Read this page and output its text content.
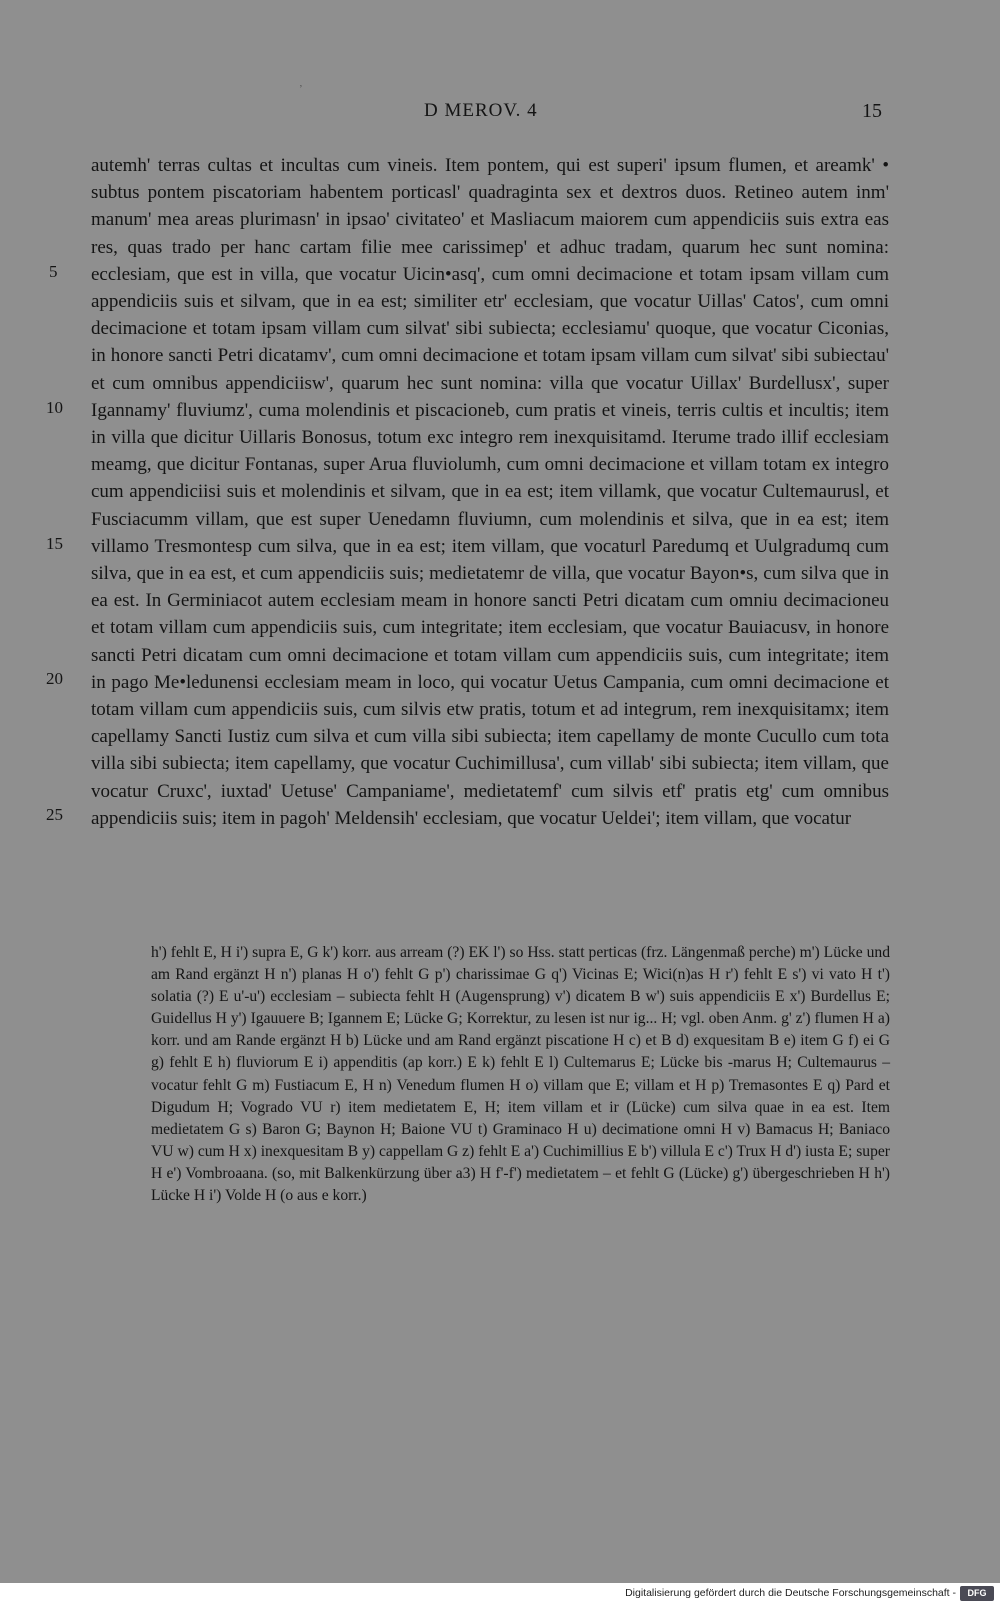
‚
D MEROV. 4	15
5
10
15
20
25

autemh' terras cultas et incultas cum vineis. Item pontem, qui est superi' ipsum flumen, et areamk' • subtus pontem piscatoriam habentem porticasl' quadraginta sex et dextros duos. Retineo autem inm' manum' mea areas plurimasn' in ipsao' civitateo' et Masliacum maiorem cum appendiciis suis extra eas res, quas trado per hanc cartam filie mee carissimep' et adhuc tradam, quarum hec sunt nomina: ecclesiam, que est in villa, que vocatur Uicin•asq', cum omni decimacione et totam ipsam villam cum appendiciis suis et silvam, que in ea est; similiter etr' ecclesiam, que vocatur Uillas' Catos', cum omni decimacione et totam ipsam villam cum silvat' sibi subiecta; ecclesiamu' quoque, que vocatur Ciconias, in honore sancti Petri dicatamv', cum omni decimacione et totam ipsam villam cum silvat' sibi subiectau' et cum omnibus appendiciisw', quarum hec sunt nomina: villa que vocatur Uillax' Burdellusx', super Igannamy' fluviumz', cuma molendinis et piscacioneb, cum pratis et vineis, terris cultis et incultis; item in villa que dicitur Uillaris Bonosus, totum exc integro rem inexquisitamd. Iterume trado illif ecclesiam meamg, que dicitur Fontanas, super Arua fluviolumh, cum omni decimacione et villam totam ex integro cum appendiciisi suis et molendinis et silvam, que in ea est; item villamk, que vocatur Cultemaurusl, et Fusciacumm villam, que est super Uenedamn fluviumn, cum molendinis et silva, que in ea est; item villamo Tresmontesp cum silva, que in ea est; item villam, que vocaturl Paredumq et Uulgradumq cum silva, que in ea est, et cum appendiciis suis; medietatemr de villa, que vocatur Bayon•s, cum silva que in ea est. In Germiniacot autem ecclesiam meam in honore sancti Petri dicatam cum omniu decimacioneu et totam villam cum appendiciis suis, cum integritate; item ecclesiam, que vocatur Bauiacusv, in honore sancti Petri dicatam cum omni decimacione et totam villam cum appendiciis suis, cum integritate; item in pago Me•ledunensi ecclesiam meam in loco, qui vocatur Uetus Campania, cum omni decimacione et totam villam cum appendiciis suis, cum silvis etw pratis, totum et ad integrum, rem inexquisitamx; item capellamy Sancti Iustiz cum silva et cum villa sibi subiecta; item capellamy de monte Cucullo cum tota villa sibi subiecta; item capellamy, que vocatur Cuchimillusa', cum villab' sibi subiecta; item villam, que vocatur Cruxc', iuxtad' Uetuse' Campaniame', medietatemf' cum silvis etf' pratis etg' cum omnibus appendiciis suis; item in pagoh' Meldensih' ecclesiam, que vocatur Ueldei'; item villam, que vocatur

h') fehlt E, H i') supra E, G k') korr. aus arream (?) EK l') so Hss. statt perticas (frz. Längenmaß perche) m') Lücke und am Rand ergänzt H n') planas H o') fehlt G p') charissimae G q') Vicinas E; Wici(n)as H r') fehlt E s') vi vato H t') solatia (?) E u'-u') ecclesiam – subiecta fehlt H (Augensprung) v') dicatem B w') suis appendiciis E x') Burdellus E; Guidellus H y') Igauuere B; Igannem E; Lücke G; Korrektur, zu lesen ist nur ig... H; vgl. oben Anm. g' z') flumen H a) korr. und am Rande ergänzt H b) Lücke und am Rand ergänzt piscatione H c) et B d) exquesitam B e) item G f) ei G g) fehlt E h) fluviorum E i) appenditis (ap korr.) E k) fehlt E l) Cultemarus E; Lücke bis -marus H; Cultemaurus – vocatur fehlt G m) Fustiacum E, H n) Venedum flumen H o) villam que E; villam et H p) Tremasontes E q) Pard et Digudum H; Vogrado VU r) item medietatem E, H; item villam et ir (Lücke) cum silva quae in ea est. Item medietatem G s) Baron G; Baynon H; Baione VU t) Graminaco H u) decimatione omni H v) Bamacus H; Baniaco VU w) cum H x) inexquesitam B y) cappellam G z) fehlt E a') Cuchimillius E b') villula E c') Trux H d') iusta E; super H e') Vombroaana. (so, mit Balkenkürzung über a3) H f'-f') medietatem – et fehlt G (Lücke) g') übergeschrieben H h') Lücke H i') Volde H (o aus e korr.)

Digitalisierung gefördert durch die Deutsche Forschungsgemeinschaft -	DFG
